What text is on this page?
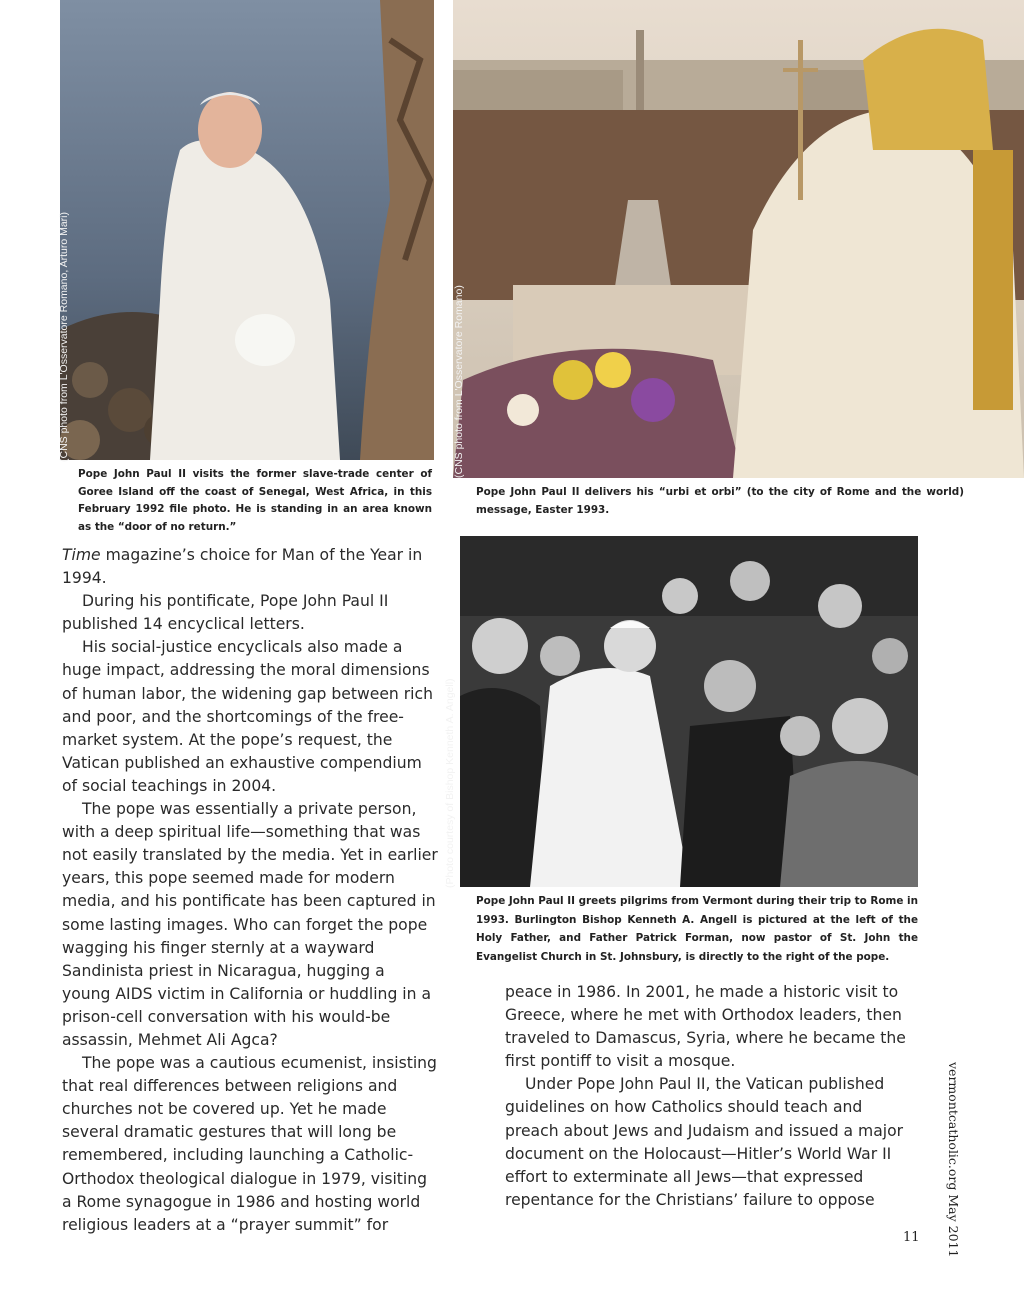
(CNS photo from L'Osservatore Romano, Arturo Mari)
Pope John Paul II visits the former slave-trade center of Goree Island off the coast of Senegal, West Africa, in this February 1992 file photo. He is standing in an area known as the “door of no return.”
(CNS photo from L'Osservatore Romano)
Pope John Paul II delivers his “urbi et orbi” (to the city of Rome and the world) message, Easter 1993.
(Photo courtesy of Bishop Kenneth A. Angell)
Pope John Paul II greets pilgrims from Vermont during their trip to Rome in 1993. Burlington Bishop Kenneth A. Angell is pictured at the left of the Holy Father, and Father Patrick Forman, now pastor of St. John the Evangelist Church in St. Johnsbury, is directly to the right of the pope.

Time magazine’s choice for Man of the Year in 1994.

During his pontificate, Pope John Paul II published 14 encyclical letters.

His social-justice encyclicals also made a huge impact, addressing the moral dimensions of human labor, the widening gap between rich and poor, and the shortcomings of the free-market system. At the pope’s request, the Vatican published an exhaustive compendium of social teachings in 2004.

The pope was essentially a private person, with a deep spiritual life—something that was not easily translated by the media. Yet in earlier years, this pope seemed made for modern media, and his pontificate has been captured in some lasting images. Who can forget the pope wagging his finger sternly at a wayward Sandinista priest in Nicaragua, hugging a young AIDS victim in California or huddling in a prison-cell conversation with his would-be assassin, Mehmet Ali Agca?

The pope was a cautious ecumenist, insisting that real differences between religions and churches not be covered up. Yet he made several dramatic gestures that will long be remembered, including launching a Catholic-Orthodox theological dialogue in 1979, visiting a Rome synagogue in 1986 and hosting world religious leaders at a “prayer summit” for

peace in 1986. In 2001, he made a historic visit to Greece, where he met with Orthodox leaders, then traveled to Damascus, Syria, where he became the first pontiff to visit a mosque.

Under Pope John Paul II, the Vatican published guidelines on how Catholics should teach and preach about Jews and Judaism and issued a major document on the Holocaust—Hitler’s World War II effort to exterminate all Jews—that expressed repentance for the Christians’ failure to oppose	vermontcatholic.org May 2011
11
